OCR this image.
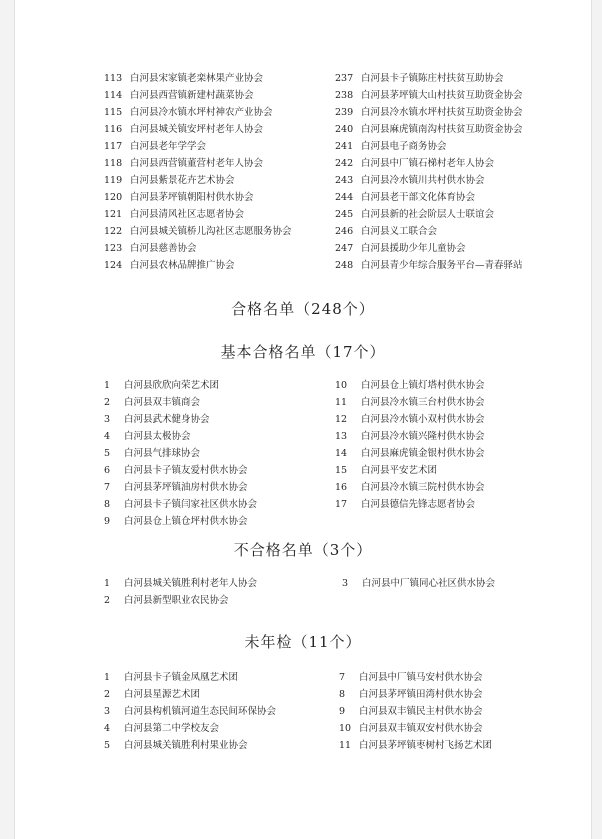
113 白河县宋家镇老栾林果产业协会
114 白河县西营镇新建村蔬菜协会
115 白河县冷水镇水坪村神农产业协会
116 白河县城关镇安坪村老年人协会
117 白河县老年学学会
118 白河县西营镇董营村老年人协会
119 白河县紫景花卉艺术协会
120 白河县茅坪镇朝阳村供水协会
121 白河县清风社区志愿者协会
122 白河县城关镇桥儿沟社区志愿服务协会
123 白河县慈善协会
124 白河县农林品牌推广协会
237 白河县卡子镇陈庄村扶贫互助协会
238 白河县茅坪镇大山村扶贫互助资金协会
239 白河县冷水镇水坪村扶贫互助资金协会
240 白河县麻虎镇南沟村扶贫互助资金协会
241 白河县电子商务协会
242 白河县中厂镇石梯村老年人协会
243 白河县冷水镇川共村供水协会
244 白河县老干部文化体育协会
245 白河县新的社会阶层人士联谊会
246 白河县义工联合会
247 白河县援助少年儿童协会
248 白河县青少年综合服务平台—青春驿站
合格名单（248个）
基本合格名单（17个）
1 白河县欣欣向荣艺术团
2 白河县双丰镇商会
3 白河县武术健身协会
4 白河县太极协会
5 白河县气排球协会
6 白河县卡子镇友爱村供水协会
7 白河县茅坪镇油房村供水协会
8 白河县卡子镇闫家社区供水协会
9 白河县仓上镇仓坪村供水协会
10 白河县仓上镇灯塔村供水协会
11 白河县冷水镇三台村供水协会
12 白河县冷水镇小双村供水协会
13 白河县冷水镇兴隆村供水协会
14 白河县麻虎镇金银村供水协会
15 白河县平安艺术团
16 白河县冷水镇三院村供水协会
17 白河县德信先锋志愿者协会
不合格名单（3个）
1 白河县城关镇胜利村老年人协会
2 白河县新型职业农民协会
3 白河县中厂镇同心社区供水协会
未年检（11个）
1 白河县卡子镇金凤凰艺术团
2 白河县星源艺术团
3 白河县构机镇河道生态民间环保协会
4 白河县第二中学校友会
5 白河县城关镇胜利村果业协会
7 白河县中厂镇马安村供水协会
8 白河县茅坪镇田湾村供水协会
9 白河县双丰镇民主村供水协会
10 白河县双丰镇双安村供水协会
11 白河县茅坪镇枣树村飞扬艺术团
